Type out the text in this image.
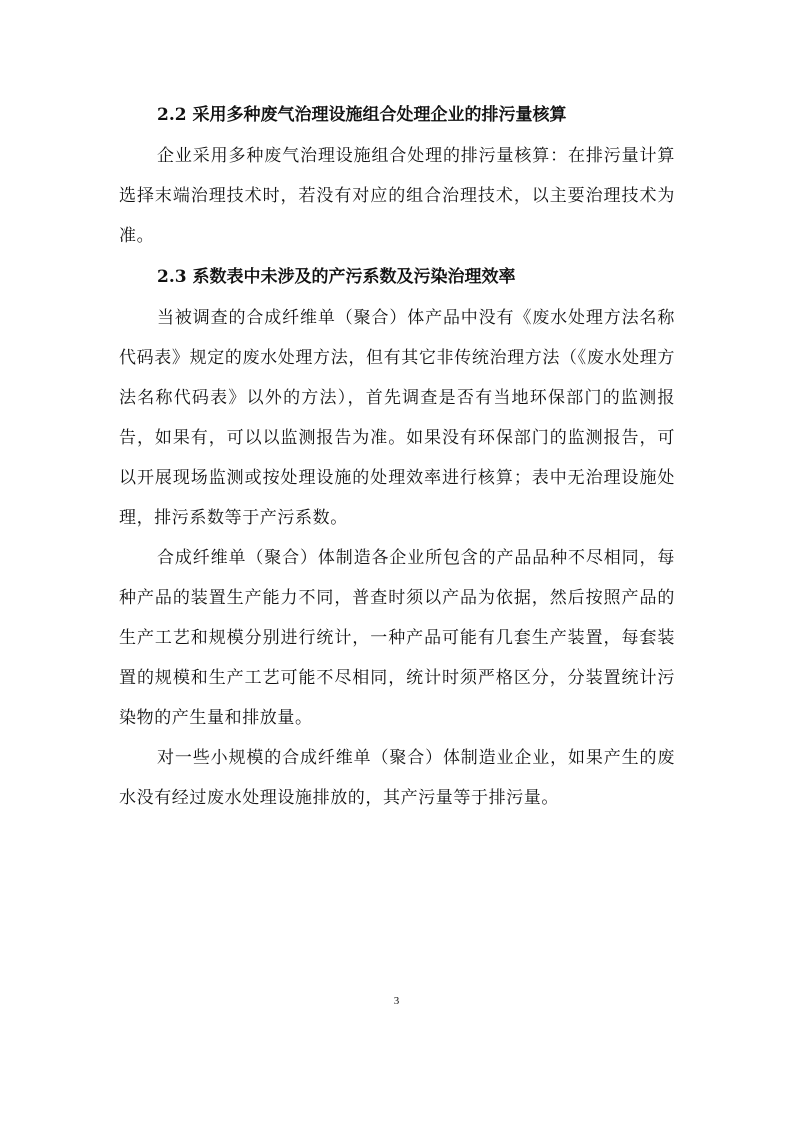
2.2 采用多种废气治理设施组合处理企业的排污量核算

企业采用多种废气治理设施组合处理的排污量核算：在排污量计算选择末端治理技术时，若没有对应的组合治理技术，以主要治理技术为准。

2.3 系数表中未涉及的产污系数及污染治理效率

当被调查的合成纤维单（聚合）体产品中没有《废水处理方法名称代码表》规定的废水处理方法，但有其它非传统治理方法（《废水处理方法名称代码表》以外的方法），首先调查是否有当地环保部门的监测报告，如果有，可以以监测报告为准。如果没有环保部门的监测报告，可以开展现场监测或按处理设施的处理效率进行核算；表中无治理设施处理，排污系数等于产污系数。

合成纤维单（聚合）体制造各企业所包含的产品品种不尽相同，每种产品的装置生产能力不同，普查时须以产品为依据，然后按照产品的生产工艺和规模分别进行统计，一种产品可能有几套生产装置，每套装置的规模和生产工艺可能不尽相同，统计时须严格区分，分装置统计污染物的产生量和排放量。

对一些小规模的合成纤维单（聚合）体制造业企业，如果产生的废水没有经过废水处理设施排放的，其产污量等于排污量。

3
